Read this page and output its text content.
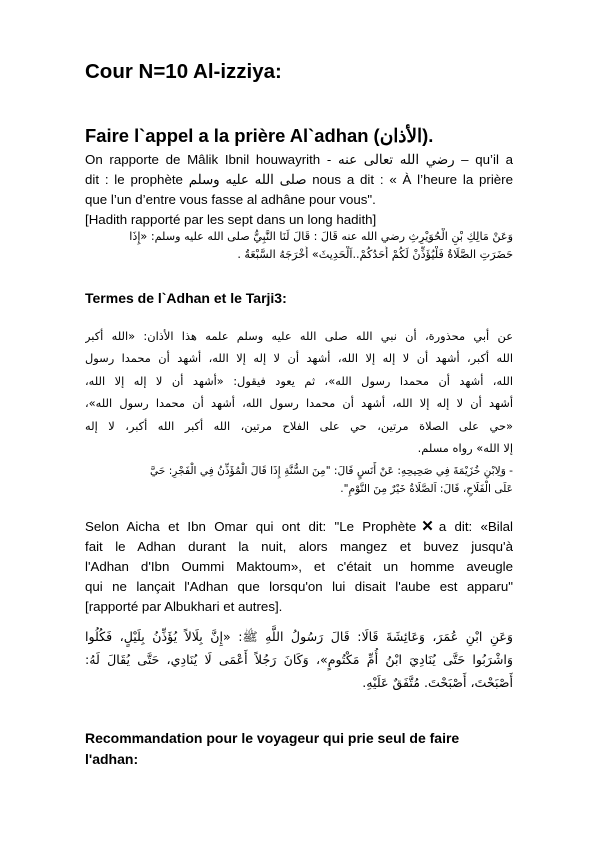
Cour N=10 Al-izziya:
Faire l`appel a la prière Al`adhan (الأذان).
On rapporte de Mâlik Ibnil houwayrith - رضي الله تعالى عنه – qu’il a
dit : le prophète صلى الله عليه وسلم nous a dit : « À l’heure la prière
que l’un d’entre vous fasse al adhâne pour vous".
[Hadith rapporté par les sept dans un long hadith]
وَعَنْ مَالِكِ بْنِ الْحُوَيْرِثِ رضي الله عنه قَالَ : قَالَ لَنَا النَّبِيُّ صلى الله عليه وسلم: «إِذَا
حَضَرَتِ الصَّلَاةُ فَلْيُؤَذِّنْ لَكُمْ أَحَدُكُمْ..اَلْحَدِيثَ» أَخْرَجَهُ السَّبْعَةُ .
Termes de l`Adhan et le Tarji3:
عن أبي محذورة، أن نبي الله صلى الله عليه وسلم علمه هذا الأذان: «الله أكبر
الله أكبر، أشهد أن لا إله إلا الله، أشهد أن لا إله إلا الله، أشهد أن محمدا رسول
الله، أشهد أن محمدا رسول الله»، ثم يعود فيقول: «أشهد أن لا إله إلا الله،
أشهد أن لا إله إلا الله، أشهد أن محمدا رسول الله، أشهد أن محمدا رسول الله»،
«حي على الصلاة مرتين، حي على الفلاح مرتين، الله أكبر الله أكبر، لا إله
إلا الله» رواه مسلم.
- وَلِابْنِ خُزَيْمَةَ فِي صَحِيحِهِ: عَنْ أَنَسٍ قَالَ: "مِنَ السُّنَّةِ إِذَا قَالَ الْمُؤَذِّنُ فِي الْفَجْرِ: حَيَّ
عَلَى الْفَلَاحِ، قَالَ: اَلصَّلَاةُ خَيْرٌ مِنَ النَّوْمِ".
Selon Aicha et Ibn Omar qui ont dit: "Le Prophète ✕ a dit: «Bilal
fait le Adhan durant la nuit, alors mangez et buvez jusqu'à
l'Adhan d'Ibn Oummi Maktoum», et c'était un homme aveugle
qui ne lançait l'Adhan que lorsqu'on lui disait l'aube est apparu"
[rapporté par Albukhari et autres].
وَعَنِ ابْنِ عُمَرَ، وَعَائِشَةَ قَالَا: قَالَ رَسُولُ اللَّهِ ﷺ: «إِنَّ بِلَالاً يُؤَذِّنُ بِلَيْلٍ، فَكُلُوا
وَاشْرَبُوا حَتَّى يُنَادِيَ ابْنُ أُمِّ مَكْتُومٍ»، وَكَانَ رَجُلاً أَعْمَى لَا يُنَادِي، حَتَّى يُقَالَ لَهُ:
أَصْبَحْتَ، أَصْبَحْتَ. مُتَّفَقٌ عَلَيْهِ.
Recommandation pour le voyageur qui prie seul de faire l'adhan:
